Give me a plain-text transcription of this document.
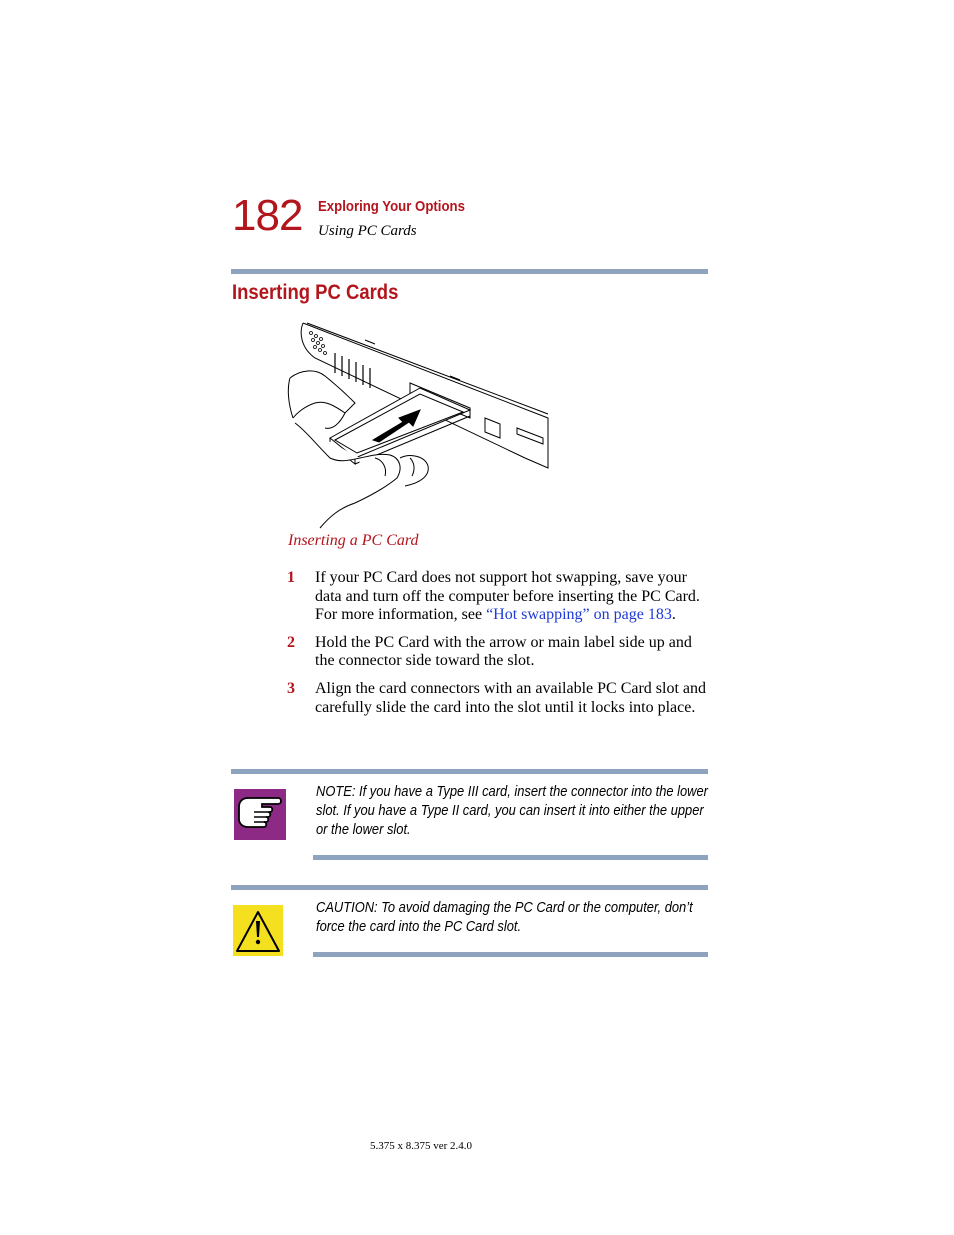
182 Exploring Your Options
Using PC Cards
Inserting PC Cards
Inserting a PC Card
1 If your PC Card does not support hot swapping, save your data and turn off the computer before inserting the PC Card. For more information, see “Hot swapping” on page 183.
2 Hold the PC Card with the arrow or main label side up and the connector side toward the slot.
3 Align the card connectors with an available PC Card slot and carefully slide the card into the slot until it locks into place.
NOTE: If you have a Type III card, insert the connector into the lower slot. If you have a Type II card, you can insert it into either the upper or the lower slot.
CAUTION: To avoid damaging the PC Card or the computer, don’t force the card into the PC Card slot.
5.375 x 8.375 ver 2.4.0
